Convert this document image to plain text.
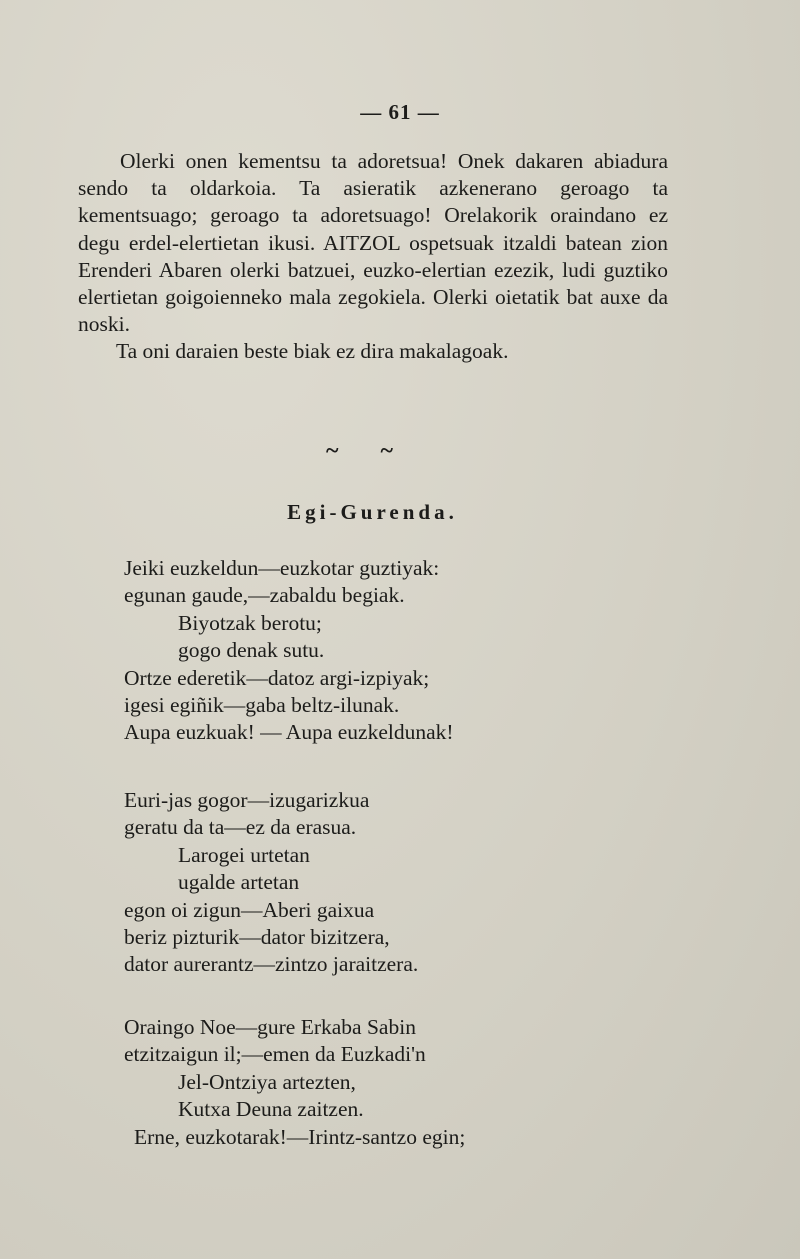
— 61 —

Olerki onen kementsu ta adoretsua! Onek dakaren abiadura sendo ta oldarkoia. Ta asieratik azkenerano geroago ta kementsuago; geroago ta adoretsuago! Orelakorik oraindano ez degu erdel-elertietan ikusi. AITZOL ospetsuak itzaldi batean zion Erenderi Abaren olerki batzuei, euzko-elertian ezezik, ludi guztiko elertietan goigoienneko mala zegokiela. Olerki oietatik bat auxe da noski.

Ta oni daraien beste biak ez dira makalagoak.

~ ~
Egi-Gurenda.
Jeiki euzkeldun—euzkotar guztiyak:
egunan gaude,—zabaldu begiak.
Biyotzak berotu;
gogo denak sutu.
Ortze ederetik—datoz argi-izpiyak;
igesi egiñik—gaba beltz-ilunak.
Aupa euzkuak! — Aupa euzkeldunak!
Euri-jas gogor—izugarizkua
geratu da ta—ez da erasua.
Larogei urtetan
ugalde artetan
egon oi zigun—Aberi gaixua
beriz pizturik—dator bizitzera,
dator aurerantz—zintzo jaraitzera.
Oraingo Noe—gure Erkaba Sabin
etzitzaigun il;—emen da Euzkadi'n
Jel-Ontziya artezten,
Kutxa Deuna zaitzen.
Erne, euzkotarak!—Irintz-santzo egin;
